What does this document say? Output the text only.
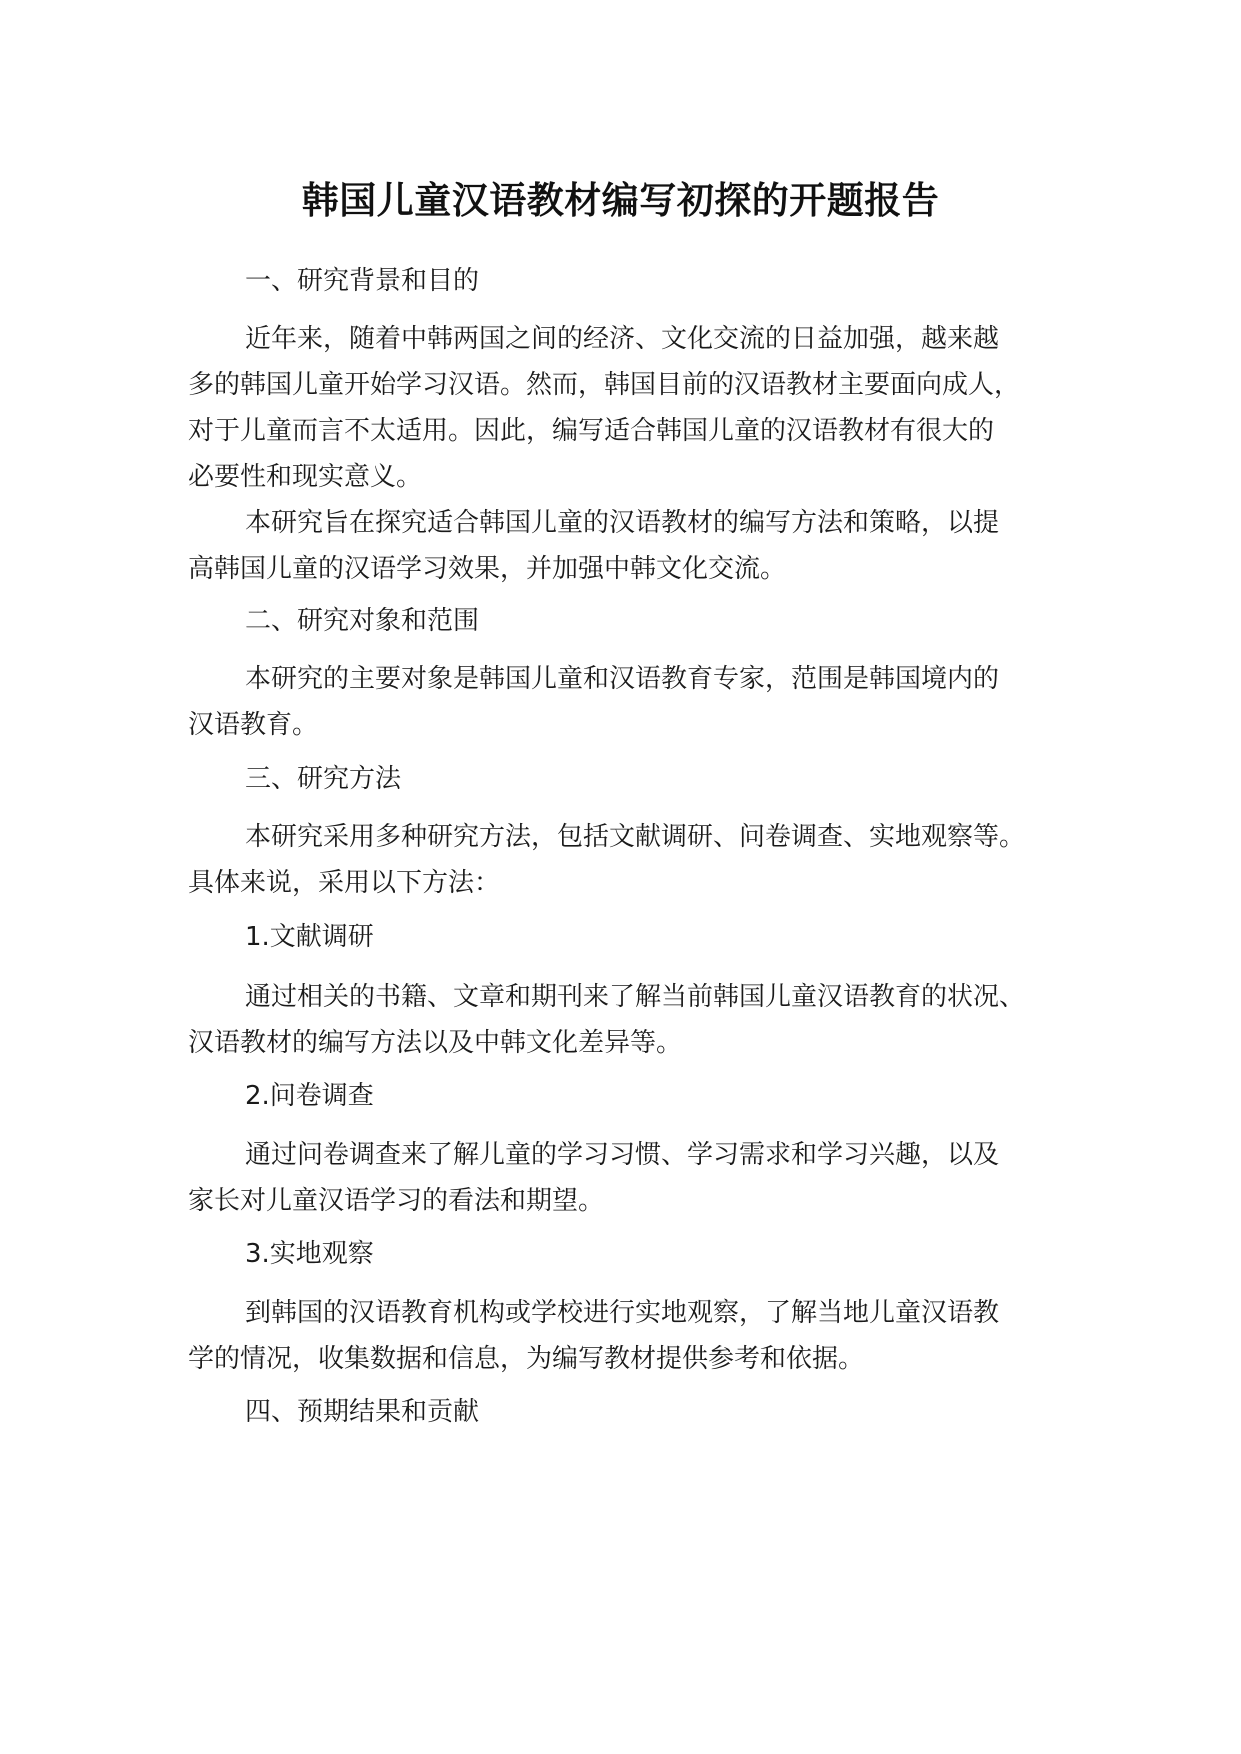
韩国儿童汉语教材编写初探的开题报告
一、研究背景和目的
近年来，随着中韩两国之间的经济、文化交流的日益加强，越来越
多的韩国儿童开始学习汉语。然而，韩国目前的汉语教材主要面向成人，
对于儿童而言不太适用。因此，编写适合韩国儿童的汉语教材有很大的
必要性和现实意义。
本研究旨在探究适合韩国儿童的汉语教材的编写方法和策略，以提
高韩国儿童的汉语学习效果，并加强中韩文化交流。
二、研究对象和范围
本研究的主要对象是韩国儿童和汉语教育专家，范围是韩国境内的
汉语教育。
三、研究方法
本研究采用多种研究方法，包括文献调研、问卷调查、实地观察等。
具体来说，采用以下方法：
1.文献调研
通过相关的书籍、文章和期刊来了解当前韩国儿童汉语教育的状况、
汉语教材的编写方法以及中韩文化差异等。
2.问卷调查
通过问卷调查来了解儿童的学习习惯、学习需求和学习兴趣，以及
家长对儿童汉语学习的看法和期望。
3.实地观察
到韩国的汉语教育机构或学校进行实地观察，了解当地儿童汉语教
学的情况，收集数据和信息，为编写教材提供参考和依据。
四、预期结果和贡献
